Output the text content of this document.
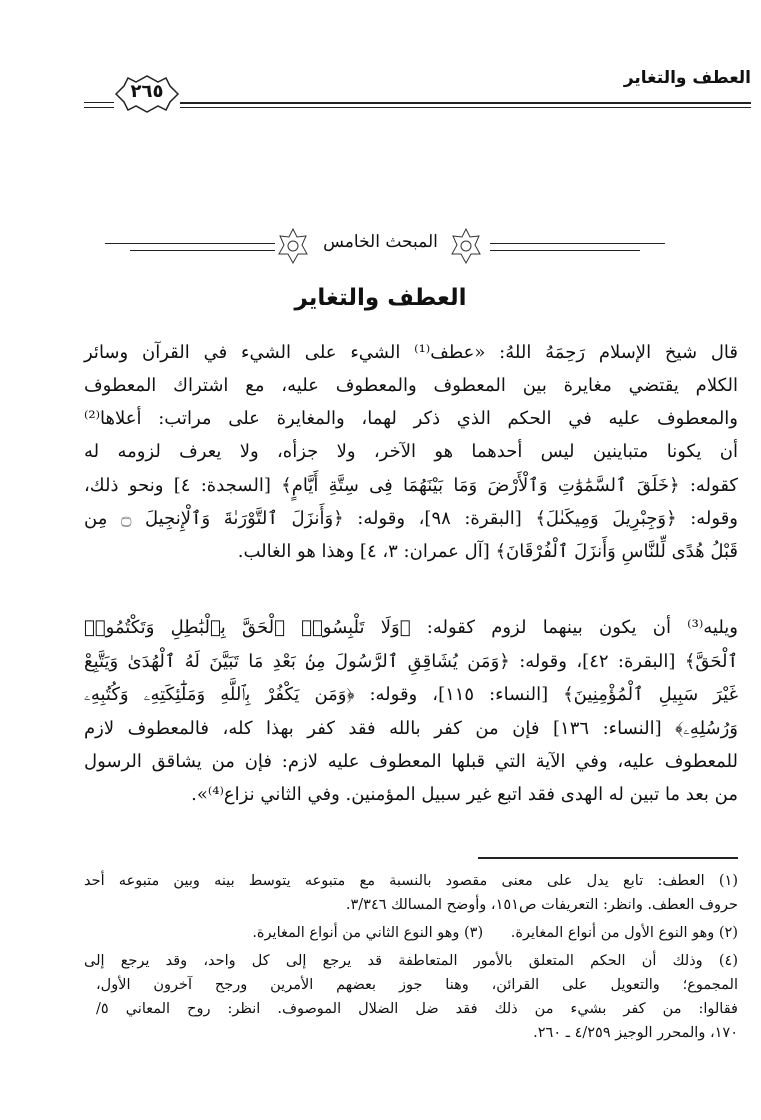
العطف والتغاير
٢٦٥
المبحث الخامس
العطف والتغاير
قال شيخ الإسلام رَحِمَهُ اللهُ: «عطف⁽¹⁾ الشيء على الشيء في القرآن وسائر
الكلام يقتضي مغايرة بين المعطوف والمعطوف عليه، مع اشتراك المعطوف
والمعطوف عليه في الحكم الذي ذكر لهما، والمغايرة على مراتب: أعلاها⁽²⁾
أن يكونا متباينين ليس أحدهما هو الآخر، ولا جزأه، ولا يعرف لزومه له
كقوله: ﴿خَلَقَ ٱلسَّمَٰوَٰتِ وَٱلْأَرْضَ وَمَا بَيْنَهُمَا فِى سِتَّةِ أَيَّامٍ﴾ [السجدة: ٤] ونحو ذلك،
وقوله: ﴿وَجِبْرِيلَ وَمِيكَىٰلَ﴾ [البقرة: ٩٨]، وقوله: ﴿وَأَنزَلَ ٱلتَّوْرَىٰةَ وَٱلْإِنجِيلَ ۝ مِن
قَبْلُ هُدًى لِّلنَّاسِ وَأَنزَلَ ٱلْفُرْقَانَ﴾ [آل عمران: ٣، ٤] وهذا هو الغالب.
ويليه⁽³⁾ أن يكون بينهما لزوم كقوله: ﴿وَلَا تَلْبِسُوا۟ ٱلْحَقَّ بِٱلْبَٰطِلِ وَتَكْتُمُوا۟
ٱلْحَقَّ﴾ [البقرة: ٤٢]، وقوله: ﴿وَمَن يُشَاقِقِ ٱلرَّسُولَ مِنۢ بَعْدِ مَا تَبَيَّنَ لَهُ ٱلْهُدَىٰ وَيَتَّبِعْ
غَيْرَ سَبِيلِ ٱلْمُؤْمِنِينَ﴾ [النساء: ١١٥]، وقوله: ﴿وَمَن يَكْفُرْ بِٱللَّهِ وَمَلَٰٓئِكَتِهِۦ وَكُتُبِهِۦ
وَرُسُلِهِۦ﴾ [النساء: ١٣٦] فإن من كفر بالله فقد كفر بهذا كله، فالمعطوف لازم
للمعطوف عليه، وفي الآية التي قبلها المعطوف عليه لازم: فإن من يشاقق الرسول
من بعد ما تبين له الهدى فقد اتبع غير سبيل المؤمنين. وفي الثاني نزاع⁽⁴⁾».
(١) العطف: تابع يدل على معنى مقصود بالنسبة مع متبوعه يتوسط بينه وبين متبوعه أحد
حروف العطف. وانظر: التعريفات ص١٥١، وأوضح المسالك ٣/٣٤٦.
(٢) وهو النوع الأول من أنواع المغايرة.      (٣) وهو النوع الثاني من أنواع المغايرة.
(٤) وذلك أن الحكم المتعلق بالأمور المتعاطفة قد يرجع إلى كل واحد، وقد يرجع إلى
المجموع؛ والتعويل على القرائن، وهنا جوز بعضهم الأمرين ورجح آخرون الأول،
فقالوا: من كفر بشيء من ذلك فقد ضل الضلال الموصوف. انظر: روح المعاني ٥/
١٧٠، والمحرر الوجيز ٤/٢٥٩ ـ ٢٦٠.
